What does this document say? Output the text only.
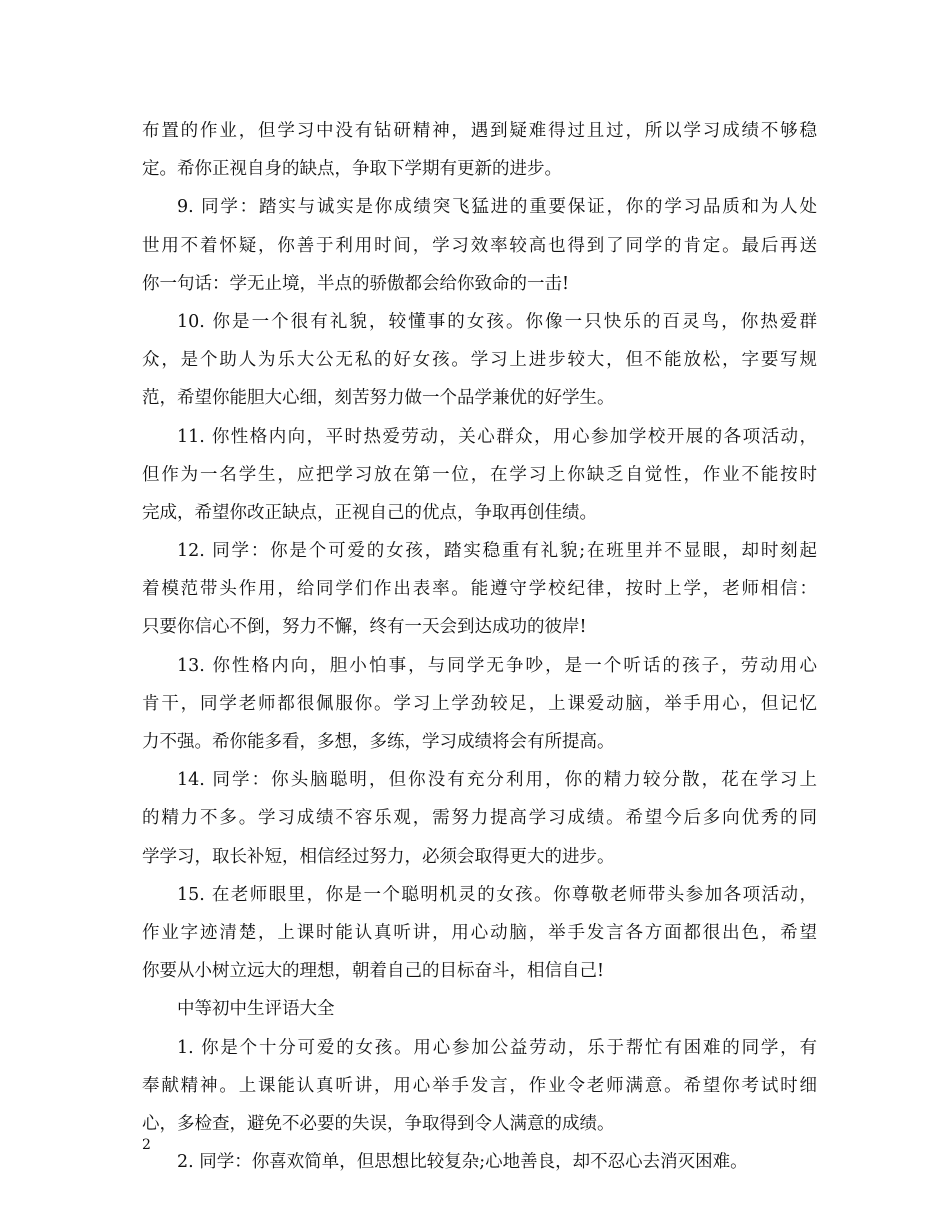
布置的作业，但学习中没有钻研精神，遇到疑难得过且过，所以学习成绩不够稳
定。希你正视自身的缺点，争取下学期有更新的进步。
9. 同学：踏实与诚实是你成绩突飞猛进的重要保证，你的学习品质和为人处
世用不着怀疑，你善于利用时间，学习效率较高也得到了同学的肯定。最后再送
你一句话：学无止境，半点的骄傲都会给你致命的一击!
10. 你是一个很有礼貌，较懂事的女孩。你像一只快乐的百灵鸟，你热爱群
众，是个助人为乐大公无私的好女孩。学习上进步较大，但不能放松，字要写规
范，希望你能胆大心细，刻苦努力做一个品学兼优的好学生。
11. 你性格内向，平时热爱劳动，关心群众，用心参加学校开展的各项活动，
但作为一名学生，应把学习放在第一位，在学习上你缺乏自觉性，作业不能按时
完成，希望你改正缺点，正视自己的优点，争取再创佳绩。
12. 同学：你是个可爱的女孩，踏实稳重有礼貌;在班里并不显眼，却时刻起
着模范带头作用，给同学们作出表率。能遵守学校纪律，按时上学，老师相信：
只要你信心不倒，努力不懈，终有一天会到达成功的彼岸!
13. 你性格内向，胆小怕事，与同学无争吵，是一个听话的孩子，劳动用心
肯干，同学老师都很佩服你。学习上学劲较足，上课爱动脑，举手用心，但记忆
力不强。希你能多看，多想，多练，学习成绩将会有所提高。
14. 同学：你头脑聪明，但你没有充分利用，你的精力较分散，花在学习上
的精力不多。学习成绩不容乐观，需努力提高学习成绩。希望今后多向优秀的同
学学习，取长补短，相信经过努力，必须会取得更大的进步。
15. 在老师眼里，你是一个聪明机灵的女孩。你尊敬老师带头参加各项活动，
作业字迹清楚，上课时能认真听讲，用心动脑，举手发言各方面都很出色，希望
你要从小树立远大的理想，朝着自己的目标奋斗，相信自己!
中等初中生评语大全
1. 你是个十分可爱的女孩。用心参加公益劳动，乐于帮忙有困难的同学，有
奉献精神。上课能认真听讲，用心举手发言，作业令老师满意。希望你考试时细
心，多检查，避免不必要的失误，争取得到令人满意的成绩。
2. 同学：你喜欢简单，但思想比较复杂;心地善良，却不忍心去消灭困难。
2
